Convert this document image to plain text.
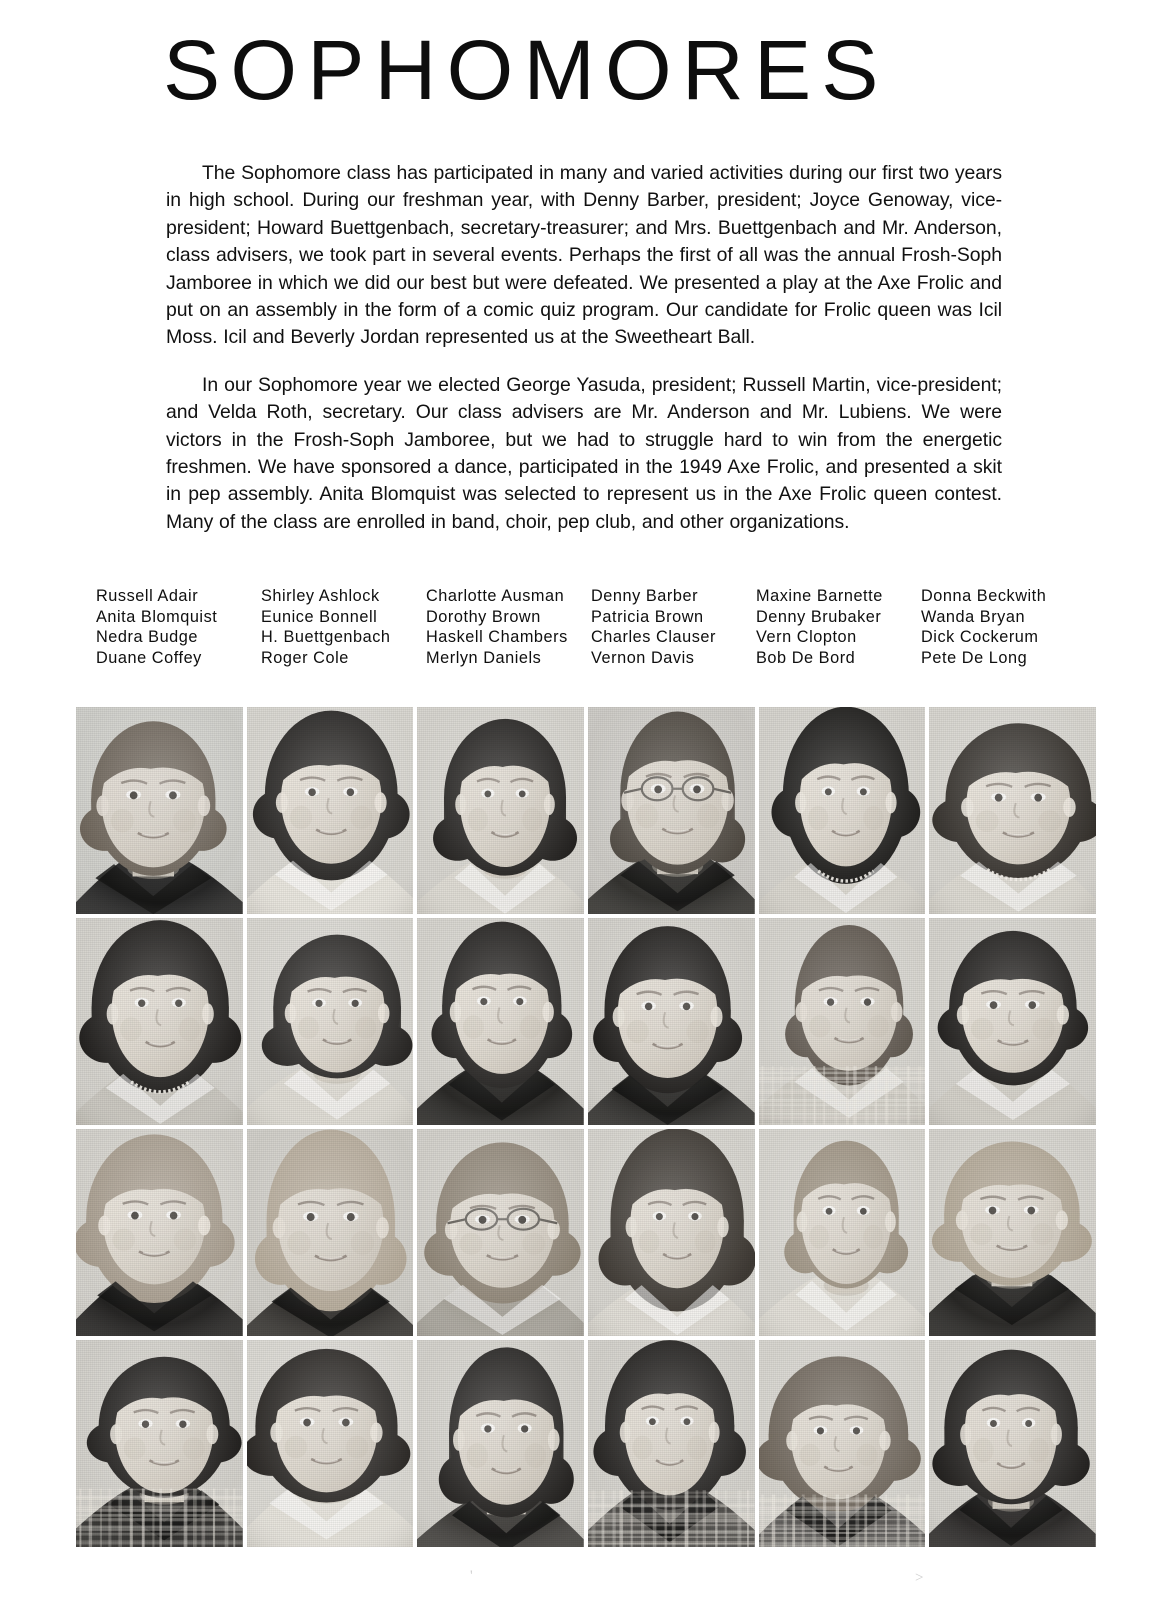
SOPHOMORES

The Sophomore class has participated in many and varied activities during our first two years in high school. During our freshman year, with Denny Barber, president; Joyce Genoway, vice-president; Howard Buettgenbach, secretary-treasurer; and Mrs. Buettgenbach and Mr. Anderson, class advisers, we took part in several events. Perhaps the first of all was the annual Frosh-Soph Jamboree in which we did our best but were defeated. We presented a play at the Axe Frolic and put on an assembly in the form of a comic quiz program. Our candidate for Frolic queen was Icil Moss. Icil and Beverly Jordan represented us at the Sweetheart Ball.

In our Sophomore year we elected George Yasuda, president; Russell Martin, vice-president; and Velda Roth, secretary. Our class advisers are Mr. Anderson and Mr. Lubiens. We were victors in the Frosh-Soph Jamboree, but we had to struggle hard to win from the energetic freshmen. We have sponsored a dance, participated in the 1949 Axe Frolic, and presented a skit in pep assembly. Anita Blomquist was selected to represent us in the Axe Frolic queen contest. Many of the class are enrolled in band, choir, pep club, and other organizations.

Russell Adair
Anita Blomquist
Nedra Budge
Duane Coffey
Shirley Ashlock
Eunice Bonnell
H. Buettgenbach
Roger Cole
Charlotte Ausman
Dorothy Brown
Haskell Chambers
Merlyn Daniels
Denny Barber
Patricia Brown
Charles Clauser
Vernon Davis
Maxine Barnette
Denny Brubaker
Vern Clopton
Bob De Bord
Donna Beckwith
Wanda Bryan
Dick Cockerum
Pete De Long
'	>
